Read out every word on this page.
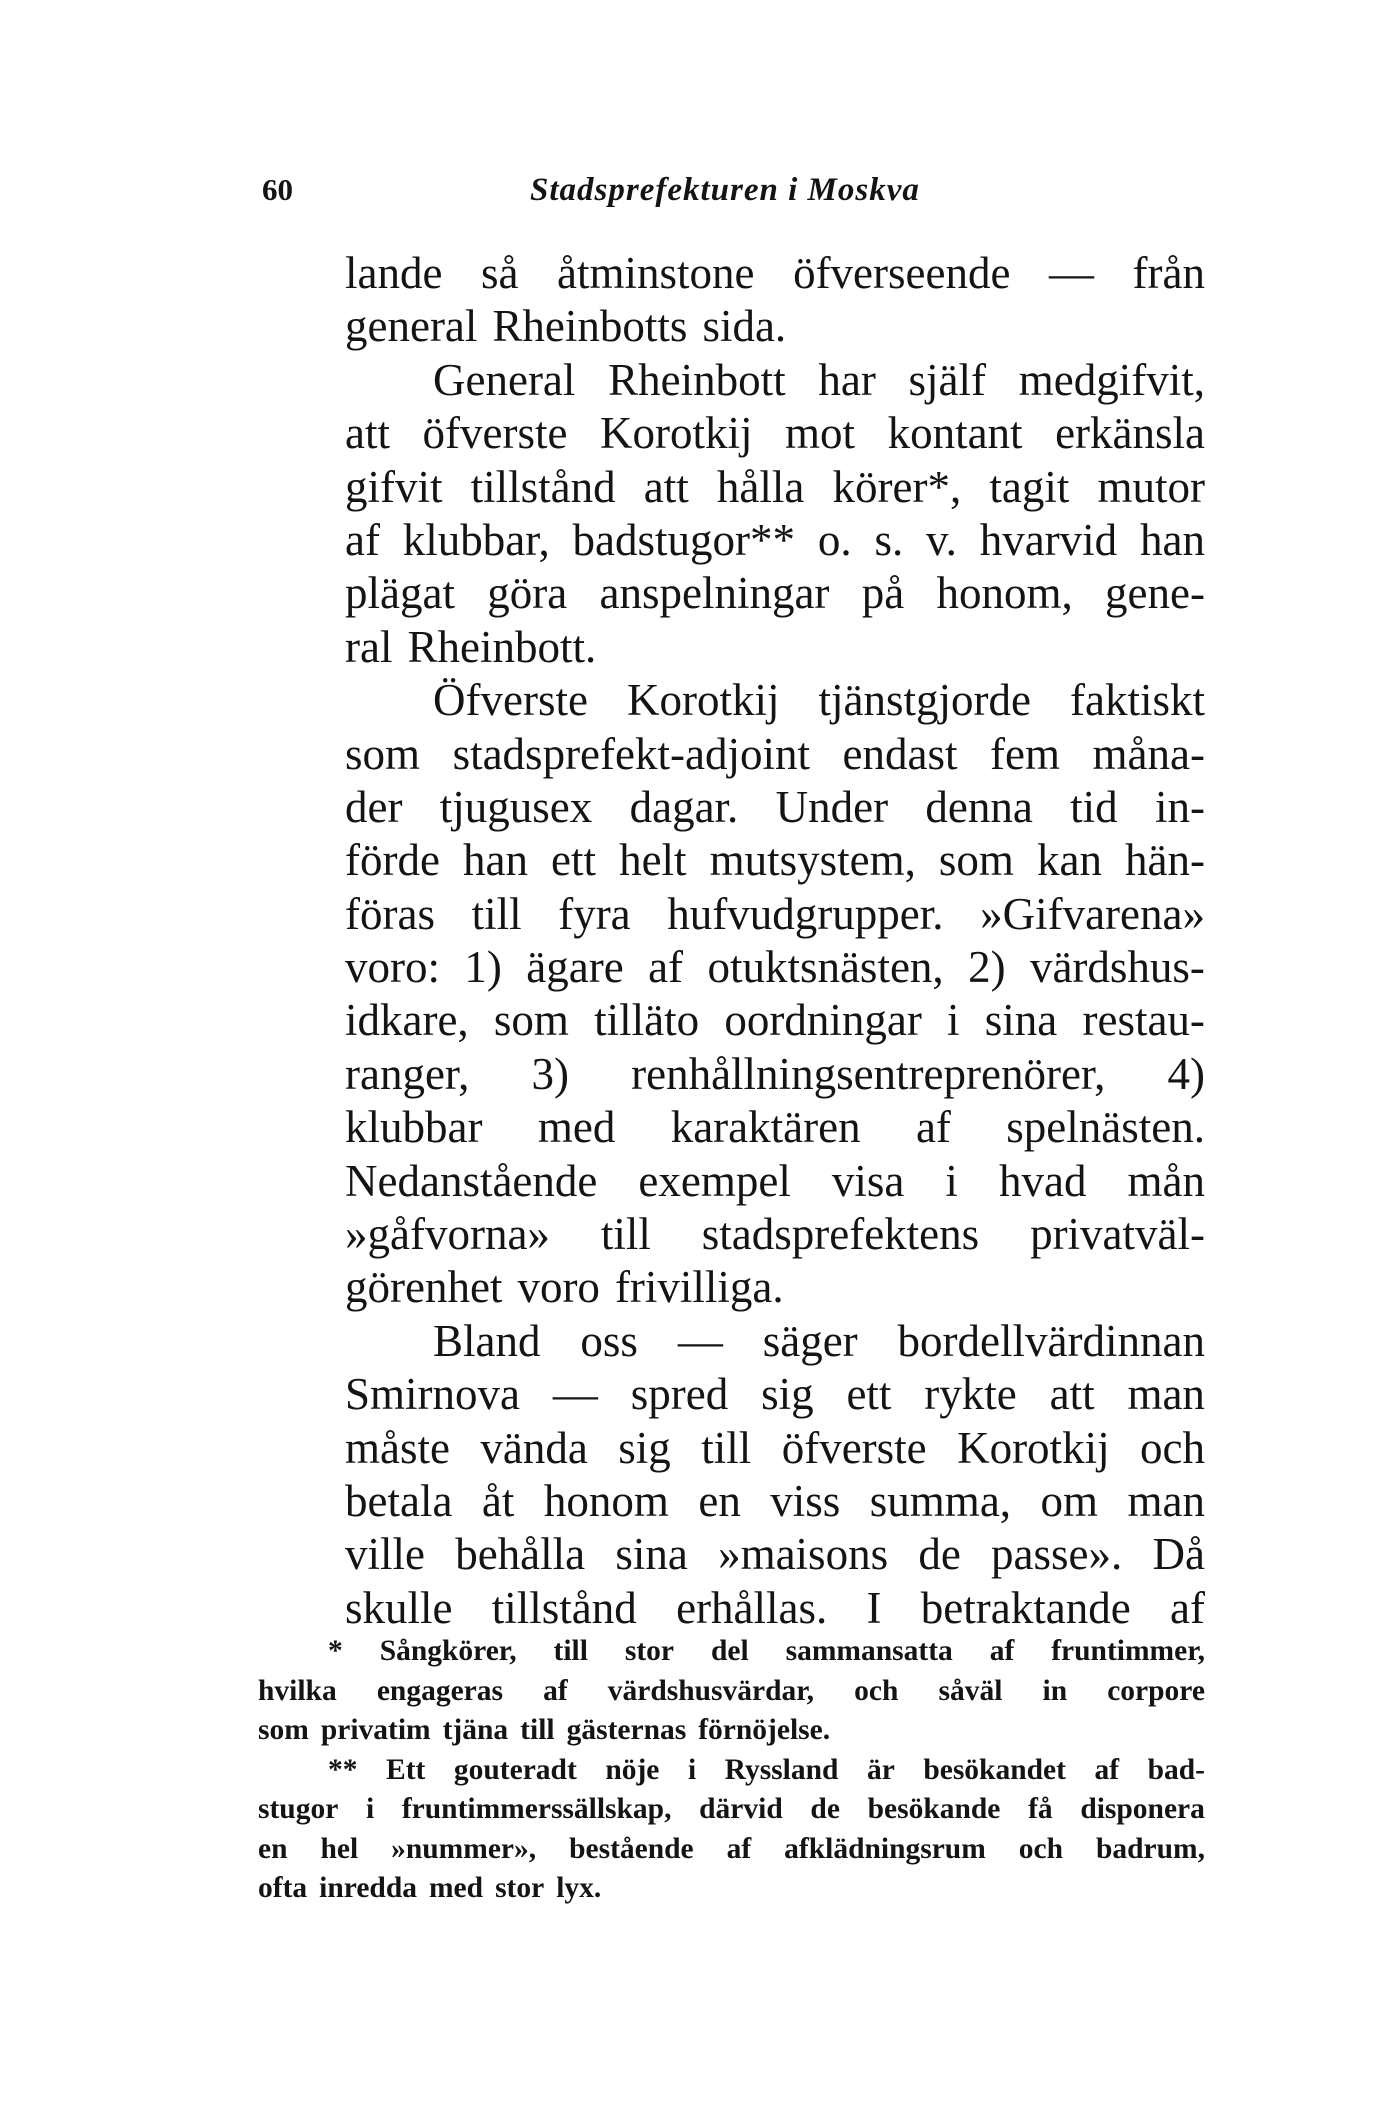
60	Stadsprefekturen i Moskva
lande så åtminstone öfverseende — från
general Rheinbotts sida.
General Rheinbott har själf medgifvit,
att öfverste Korotkij mot kontant erkänsla
gifvit tillstånd att hålla körer*, tagit mutor
af klubbar, badstugor** o. s. v. hvarvid han
plägat göra anspelningar på honom, gene-
ral Rheinbott.
Öfverste Korotkij tjänstgjorde faktiskt
som stadsprefekt-adjoint endast fem måna-
der tjugusex dagar. Under denna tid in-
förde han ett helt mutsystem, som kan hän-
föras till fyra hufvudgrupper. »Gifvarena»
voro: 1) ägare af otuktsnästen, 2) värdshus-
idkare, som tilläto oordningar i sina restau-
ranger, 3) renhållningsentreprenörer, 4)
klubbar med karaktären af spelnästen.
Nedanstående exempel visa i hvad mån
»gåfvorna» till stadsprefektens privatväl-
görenhet voro frivilliga.
Bland oss — säger bordellvärdinnan
Smirnova — spred sig ett rykte att man
måste vända sig till öfverste Korotkij och
betala åt honom en viss summa, om man
ville behålla sina »maisons de passe». Då
skulle tillstånd erhållas. I betraktande af
* Sångkörer, till stor del sammansatta af fruntimmer,
hvilka engageras af värdshusvärdar, och såväl in corpore
som privatim tjäna till gästernas förnöjelse.
** Ett gouteradt nöje i Ryssland är besökandet af bad-
stugor i fruntimmerssällskap, därvid de besökande få disponera
en hel »nummer», bestående af afklädningsrum och badrum,
ofta inredda med stor lyx.
